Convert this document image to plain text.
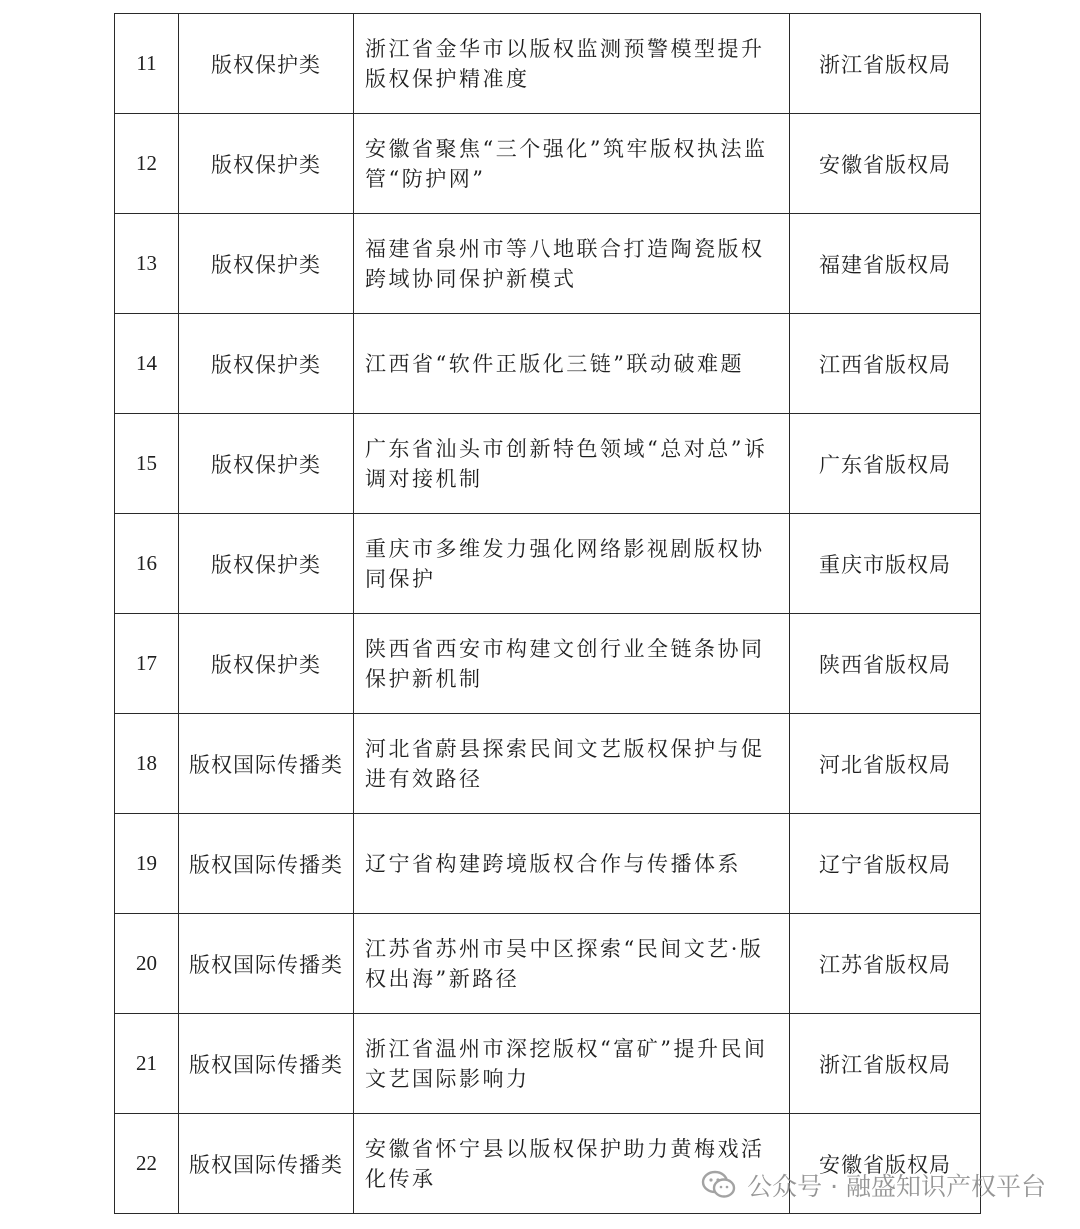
11	版权保护类	浙江省金华市以版权监测预警模型提升版权保护精准度	浙江省版权局
12	版权保护类	安徽省聚焦“三个强化”筑牢版权执法监管“防护网”	安徽省版权局
13	版权保护类	福建省泉州市等八地联合打造陶瓷版权跨域协同保护新模式	福建省版权局
14	版权保护类	江西省“软件正版化三链”联动破难题	江西省版权局
15	版权保护类	广东省汕头市创新特色领域“总对总”诉调对接机制	广东省版权局
16	版权保护类	重庆市多维发力强化网络影视剧版权协同保护	重庆市版权局
17	版权保护类	陕西省西安市构建文创行业全链条协同保护新机制	陕西省版权局
18	版权国际传播类	河北省蔚县探索民间文艺版权保护与促进有效路径	河北省版权局
19	版权国际传播类	辽宁省构建跨境版权合作与传播体系	辽宁省版权局
20	版权国际传播类	江苏省苏州市吴中区探索“民间文艺·版权出海”新路径	江苏省版权局
21	版权国际传播类	浙江省温州市深挖版权“富矿”提升民间文艺国际影响力	浙江省版权局
22	版权国际传播类	安徽省怀宁县以版权保护助力黄梅戏活化传承	安徽省版权局
公众号 · 融盛知识产权平台
